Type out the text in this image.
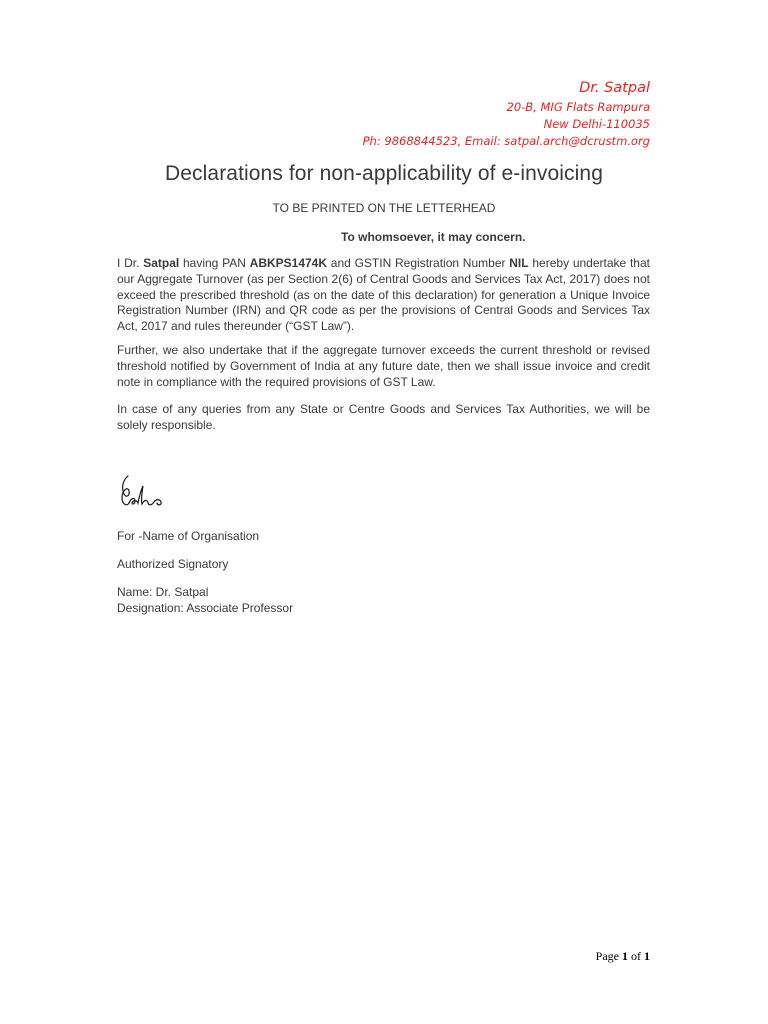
Dr. Satpal
20-B, MIG Flats Rampura
New Delhi-110035
Ph: 9868844523, Email: satpal.arch@dcrustm.org
Declarations for non-applicability of e-invoicing
TO BE PRINTED ON THE LETTERHEAD
To whomsoever, it may concern.

I Dr. Satpal having PAN ABKPS1474K and GSTIN Registration Number NIL hereby undertake that our Aggregate Turnover (as per Section 2(6) of Central Goods and Services Tax Act, 2017) does not exceed the prescribed threshold (as on the date of this declaration) for generation a Unique Invoice Registration Number (IRN) and QR code as per the provisions of Central Goods and Services Tax Act, 2017 and rules thereunder (“GST Law”).

Further, we also undertake that if the aggregate turnover exceeds the current threshold or revised threshold notified by Government of India at any future date, then we shall issue invoice and credit note in compliance with the required provisions of GST Law.

In case of any queries from any State or Centre Goods and Services Tax Authorities, we will be solely responsible.

For -Name of Organisation
Authorized Signatory
Name: Dr. Satpal
Designation: Associate Professor
Page 1 of 1
